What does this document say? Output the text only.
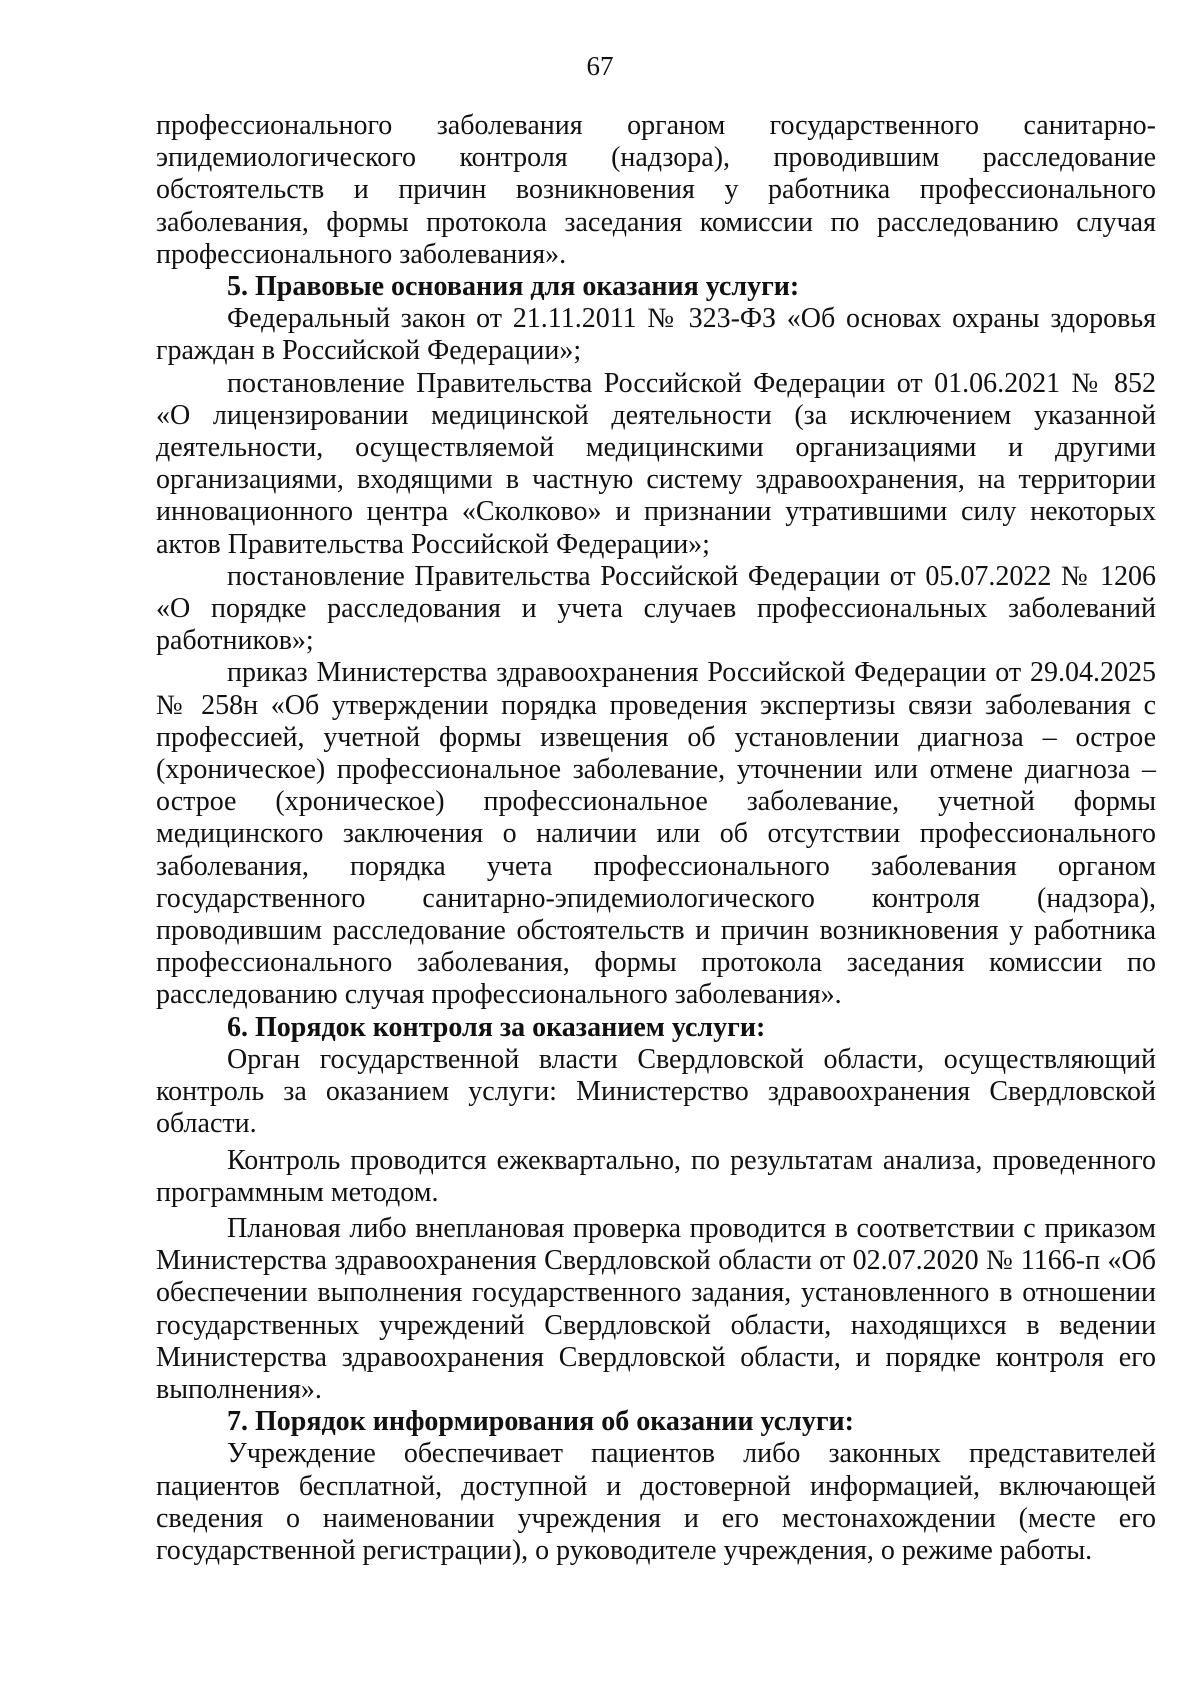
67

профессионального заболевания органом государственного санитарно-эпидемиологического контроля (надзора), проводившим расследование обстоятельств и причин возникновения у работника профессионального заболевания, формы протокола заседания комиссии по расследованию случая профессионального заболевания».

5. Правовые основания для оказания услуги:

Федеральный закон от 21.11.2011 № 323-ФЗ «Об основах охраны здоровья граждан в Российской Федерации»;

постановление Правительства Российской Федерации от 01.06.2021 № 852 «О лицензировании медицинской деятельности (за исключением указанной деятельности, осуществляемой медицинскими организациями и другими организациями, входящими в частную систему здравоохранения, на территории инновационного центра «Сколково» и признании утратившими силу некоторых актов Правительства Российской Федерации»;

постановление Правительства Российской Федерации от 05.07.2022 № 1206 «О порядке расследования и учета случаев профессиональных заболеваний работников»;

приказ Министерства здравоохранения Российской Федерации от 29.04.2025 № 258н «Об утверждении порядка проведения экспертизы связи заболевания с профессией, учетной формы извещения об установлении диагноза – острое (хроническое) профессиональное заболевание, уточнении или отмене диагноза – острое (хроническое) профессиональное заболевание, учетной формы медицинского заключения о наличии или об отсутствии профессионального заболевания, порядка учета профессионального заболевания органом государственного санитарно-эпидемиологического контроля (надзора), проводившим расследование обстоятельств и причин возникновения у работника профессионального заболевания, формы протокола заседания комиссии по расследованию случая профессионального заболевания».

6. Порядок контроля за оказанием услуги:

Орган государственной власти Свердловской области, осуществляющий контроль за оказанием услуги: Министерство здравоохранения Свердловской области.

Контроль проводится ежеквартально, по результатам анализа, проведенного программным методом.

Плановая либо внеплановая проверка проводится в соответствии с приказом Министерства здравоохранения Свердловской области от 02.07.2020 № 1166-п «Об обеспечении выполнения государственного задания, установленного в отношении государственных учреждений Свердловской области, находящихся в ведении Министерства здравоохранения Свердловской области, и порядке контроля его выполнения».

7. Порядок информирования об оказании услуги:

Учреждение обеспечивает пациентов либо законных представителей пациентов бесплатной, доступной и достоверной информацией, включающей сведения о наименовании учреждения и его местонахождении (месте его государственной регистрации), о руководителе учреждения, о режиме работы.
